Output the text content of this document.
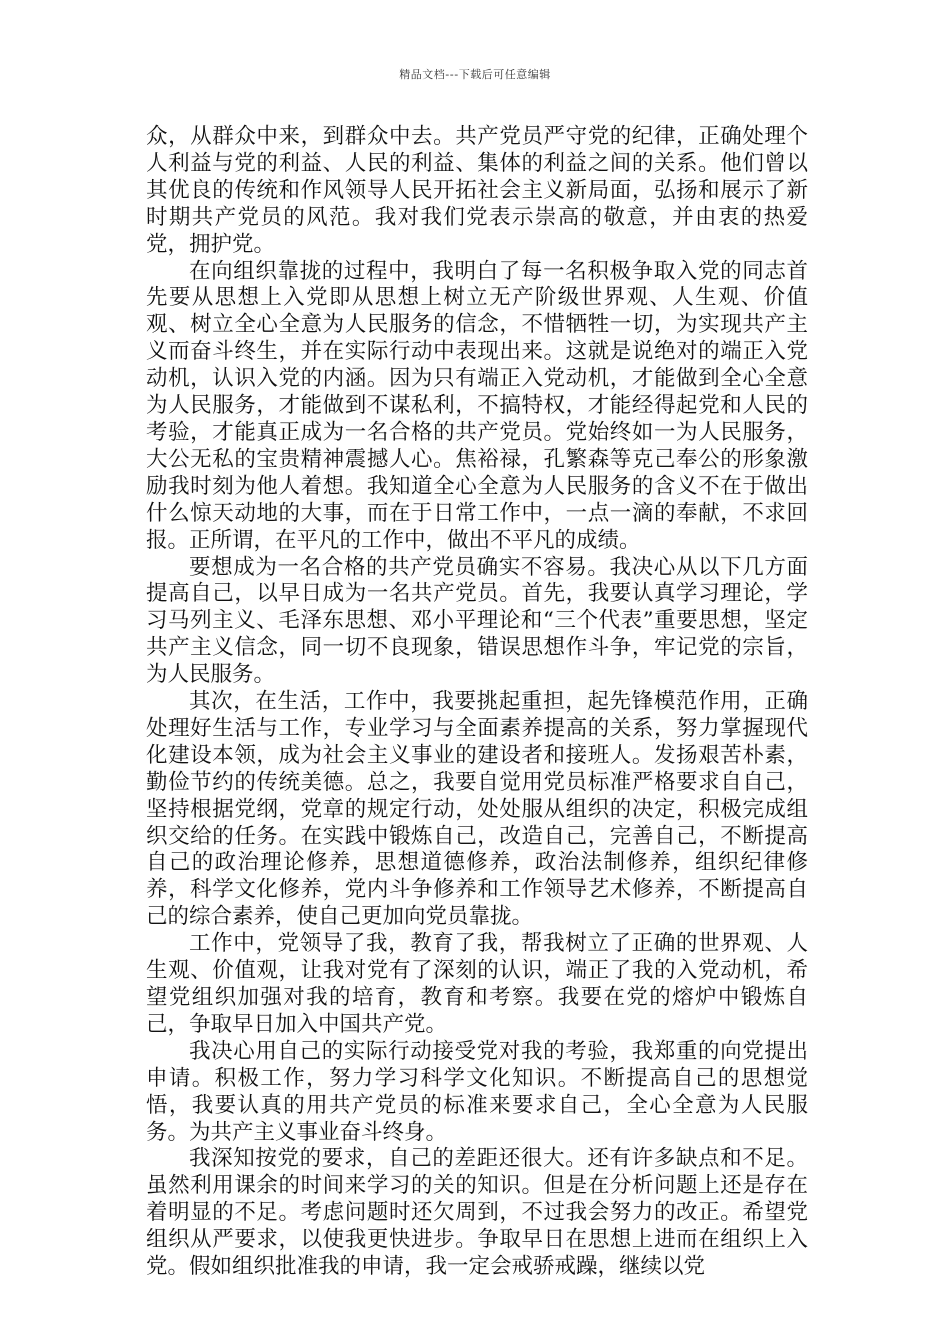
精品文档---下载后可任意编辑

众，从群众中来，到群众中去。共产党员严守党的纪律，正确处理个人利益与党的利益、人民的利益、集体的利益之间的关系。他们曾以其优良的传统和作风领导人民开拓社会主义新局面，弘扬和展示了新时期共产党员的风范。我对我们党表示崇高的敬意，并由衷的热爱党，拥护党。

在向组织靠拢的过程中，我明白了每一名积极争取入党的同志首先要从思想上入党即从思想上树立无产阶级世界观、人生观、价值观、树立全心全意为人民服务的信念，不惜牺牲一切，为实现共产主义而奋斗终生，并在实际行动中表现出来。这就是说绝对的端正入党动机，认识入党的内涵。因为只有端正入党动机，才能做到全心全意为人民服务，才能做到不谋私利，不搞特权，才能经得起党和人民的考验，才能真正成为一名合格的共产党员。党始终如一为人民服务，大公无私的宝贵精神震撼人心。焦裕禄，孔繁森等克己奉公的形象激励我时刻为他人着想。我知道全心全意为人民服务的含义不在于做出什么惊天动地的大事，而在于日常工作中，一点一滴的奉献，不求回报。正所谓，在平凡的工作中，做出不平凡的成绩。

要想成为一名合格的共产党员确实不容易。我决心从以下几方面提高自己，以早日成为一名共产党员。首先，我要认真学习理论，学习马列主义、毛泽东思想、邓小平理论和“三个代表”重要思想，坚定共产主义信念，同一切不良现象，错误思想作斗争，牢记党的宗旨，为人民服务。

其次，在生活，工作中，我要挑起重担，起先锋模范作用，正确处理好生活与工作，专业学习与全面素养提高的关系，努力掌握现代化建设本领，成为社会主义事业的建设者和接班人。发扬艰苦朴素，勤俭节约的传统美德。总之，我要自觉用党员标准严格要求自自己，坚持根据党纲，党章的规定行动，处处服从组织的决定，积极完成组织交给的任务。在实践中锻炼自己，改造自己，完善自己，不断提高自己的政治理论修养，思想道德修养，政治法制修养，组织纪律修养，科学文化修养，党内斗争修养和工作领导艺术修养，不断提高自己的综合素养，使自己更加向党员靠拢。

工作中，党领导了我，教育了我，帮我树立了正确的世界观、人生观、价值观，让我对党有了深刻的认识，端正了我的入党动机，希望党组织加强对我的培育，教育和考察。我要在党的熔炉中锻炼自己，争取早日加入中国共产党。

我决心用自己的实际行动接受党对我的考验，我郑重的向党提出申请。积极工作，努力学习科学文化知识。不断提高自己的思想觉悟，我要认真的用共产党员的标准来要求自己，全心全意为人民服务。为共产主义事业奋斗终身。

我深知按党的要求，自己的差距还很大。还有许多缺点和不足。虽然利用课余的时间来学习的关的知识。但是在分析问题上还是存在着明显的不足。考虑问题时还欠周到，不过我会努力的改正。希望党组织从严要求，以使我更快进步。争取早日在思想上进而在组织上入党。假如组织批准我的申请，我一定会戒骄戒躁，继续以党
